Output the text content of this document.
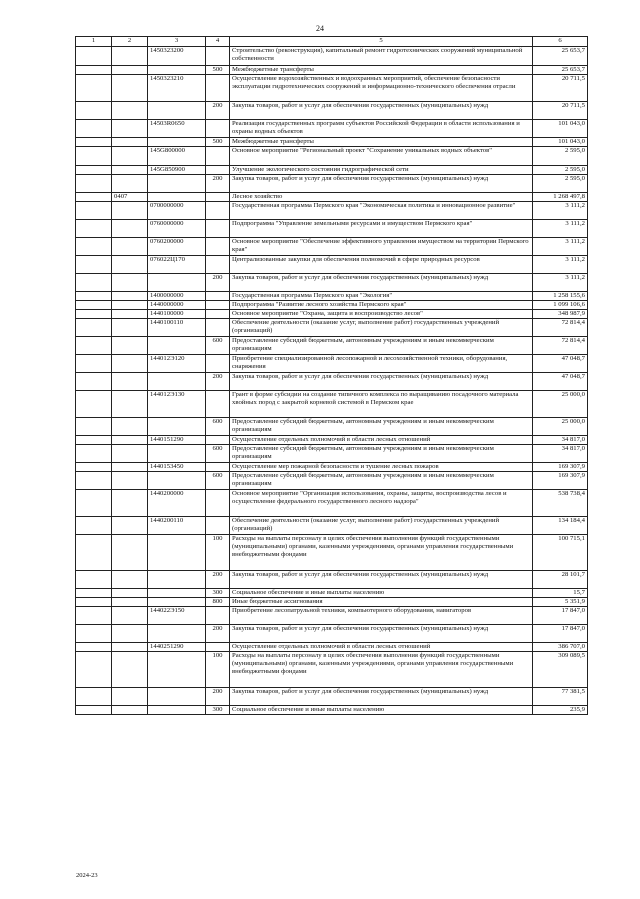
24
1	2	3	4	5	6
		1450323200		Строительство (реконструкция), капитальный ремонт гидротехнических сооружений муниципальной собственности	25 653,7
			500	Межбюджетные трансферты	25 653,7
		1450323210		Осуществление водохозяйственных и водоохранных мероприятий, обеспечение безопасности эксплуатации гидротехнических сооружений и информационно-технического обеспечения отрасли	20 711,5
			200	Закупка товаров, работ и услуг для обеспечения государственных (муниципальных) нужд	20 711,5
		14503R0650		Реализация государственных программ субъектов Российской Федерации в области использования и охраны водных объектов	101 043,0
			500	Межбюджетные трансферты	101 043,0
		145G800000		Основное мероприятие "Региональный проект "Сохранение уникальных водных объектов"	2 595,0
		145G850900		Улучшение экологического состояния гидрографической сети	2 595,0
			200	Закупка товаров, работ и услуг для обеспечения государственных (муниципальных) нужд	2 595,0
	0407			Лесное хозяйство	1 268 497,8
		0700000000		Государственная программа Пермского края "Экономическая политика и инновационное развитие"	3 111,2
		0760000000		Подпрограмма "Управление земельными ресурсами и имуществом Пермского края"	3 111,2
		0760200000		Основное мероприятие "Обеспечение эффективного управления имуществом на территории Пермского края"	3 111,2
		076022Ц170		Централизованные закупки для обеспечения полномочий в сфере природных ресурсов	3 111,2
			200	Закупка товаров, работ и услуг для обеспечения государственных (муниципальных) нужд	3 111,2
		1400000000		Государственная программа Пермского края "Экология"	1 258 155,6
		1440000000		Подпрограмма "Развитие лесного хозяйства Пермского края"	1 099 106,6
		1440100000		Основное мероприятие "Охрана, защита и воспроизводство лесов"	348 987,9
		1440100110		Обеспечение деятельности (оказание услуг, выполнение работ) государственных учреждений (организаций)	72 814,4
			600	Предоставление субсидий бюджетным, автономным учреждениям и иным некоммерческим организациям	72 814,4
		144012Э120		Приобретение специализированной лесопожарной и лесохозяйственной техники, оборудования, снаряжения	47 048,7
			200	Закупка товаров, работ и услуг для обеспечения государственных (муниципальных) нужд	47 048,7
		144012Э130		Грант в форме субсидии на создание типичного комплекса по выращиванию посадочного материала хвойных пород с закрытой корневой системой в Пермском крае	25 000,0
			600	Предоставление субсидий бюджетным, автономным учреждениям и иным некоммерческим организациям	25 000,0
		1440151290		Осуществление отдельных полномочий в области лесных отношений	34 817,0
			600	Предоставление субсидий бюджетным, автономным учреждениям и иным некоммерческим организациям	34 817,0
		1440153450		Осуществление мер пожарной безопасности и тушение лесных пожаров	169 307,9
			600	Предоставление субсидий бюджетным, автономным учреждениям и иным некоммерческим организациям	169 307,9
		1440200000		Основное мероприятие "Организация использования, охраны, защиты, воспроизводства лесов и осуществление федерального государственного лесного надзора"	538 738,4
		1440200110		Обеспечение деятельности (оказание услуг, выполнение работ) государственных учреждений (организаций)	134 184,4
			100	Расходы на выплаты персоналу в целях обеспечения выполнения функций государственными (муниципальными) органами, казенными учреждениями, органами управления государственными внебюджетными фондами	100 715,1
			200	Закупка товаров, работ и услуг для обеспечения государственных (муниципальных) нужд	28 101,7
			300	Социальное обеспечение и иные выплаты населению	15,7
			800	Иные бюджетные ассигнования	5 351,9
		144022Э150		Приобретение лесопатрульной техники, компьютерного оборудования, навигаторов	17 847,0
			200	Закупка товаров, работ и услуг для обеспечения государственных (муниципальных) нужд	17 847,0
		1440251290		Осуществление отдельных полномочий в области лесных отношений	386 707,0
			100	Расходы на выплаты персоналу в целях обеспечения выполнения функций государственными (муниципальными) органами, казенными учреждениями, органами управления государственными внебюджетными фондами	309 089,5
			200	Закупка товаров, работ и услуг для обеспечения государственных (муниципальных) нужд	77 381,5
			300	Социальное обеспечение и иные выплаты населению	235,9
2024-23
